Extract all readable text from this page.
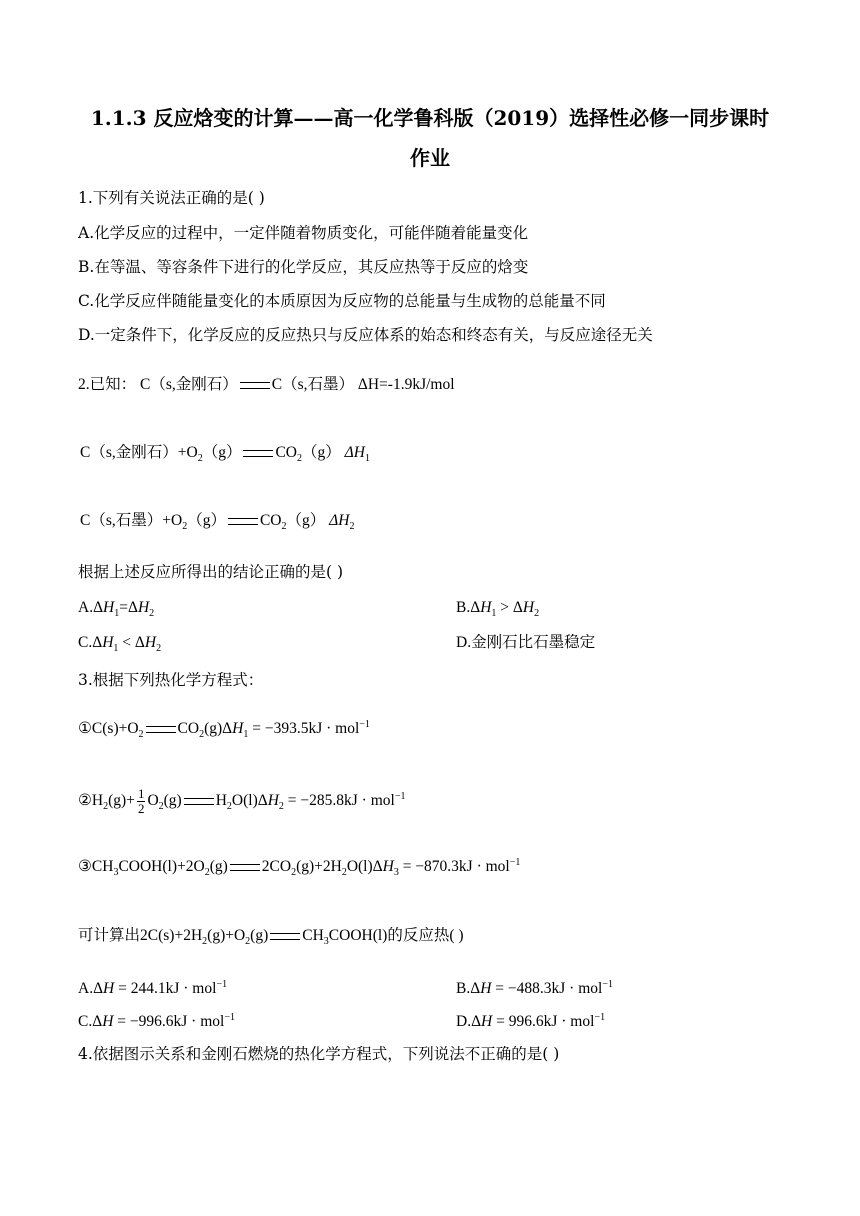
1.1.3 反应焓变的计算——高一化学鲁科版（2019）选择性必修一同步课时
作业
1.下列有关说法正确的是( )
A.化学反应的过程中，一定伴随着物质变化，可能伴随着能量变化
B.在等温、等容条件下进行的化学反应，其反应热等于反应的焓变
C.化学反应伴随能量变化的本质原因为反应物的总能量与生成物的总能量不同
D.一定条件下，化学反应的反应热只与反应体系的始态和终态有关，与反应途径无关
2.已知： C（s,金刚石） C（s,石墨） ΔH=-1.9kJ/mol
C（s,金刚石）$+O_2(g)$ $CO_2(g)$ $\Delta H_1$
C（s,石墨）$+O_2(g)$ $CO_2(g)$ $\Delta H_2$
根据上述反应所得出的结论正确的是( )
$A.\Delta H_1=\Delta H_2$	$B.\Delta H_1 > \Delta H_2$
$C.\Delta H_1 < \Delta H_2$	D.金刚石比石墨稳定
3.根据下列热化学方程式：
$①C(s)+O_2$ $CO_2(g)\Delta H_1 = -393.5kJ \cdot mol^{-1}$
$②H_2(g)+ \frac{1}{2} O_2(g) H_2O(l)\Delta H_2 = -285.8kJ \cdot mol^{-1}$
$③CH_3COOH(l)+2O_2(g) 2CO_2(g)+2H_2O(l)\Delta H_3 = -870.3kJ \cdot mol^{-1}$
可计算出$2C(s)+2H_2(g)+O_2(g)$ $CH_3COOH(l)$的反应热( )
A.ΔH = 244.1kJ · mol$^{-1}$	B.ΔH = −488.3kJ · mol$^{-1}$
C.ΔH = −996.6kJ · mol$^{-1}$	D.ΔH = 996.6kJ · mol$^{-1}$
4.依据图示关系和金刚石燃烧的热化学方程式，下列说法不正确的是( )
